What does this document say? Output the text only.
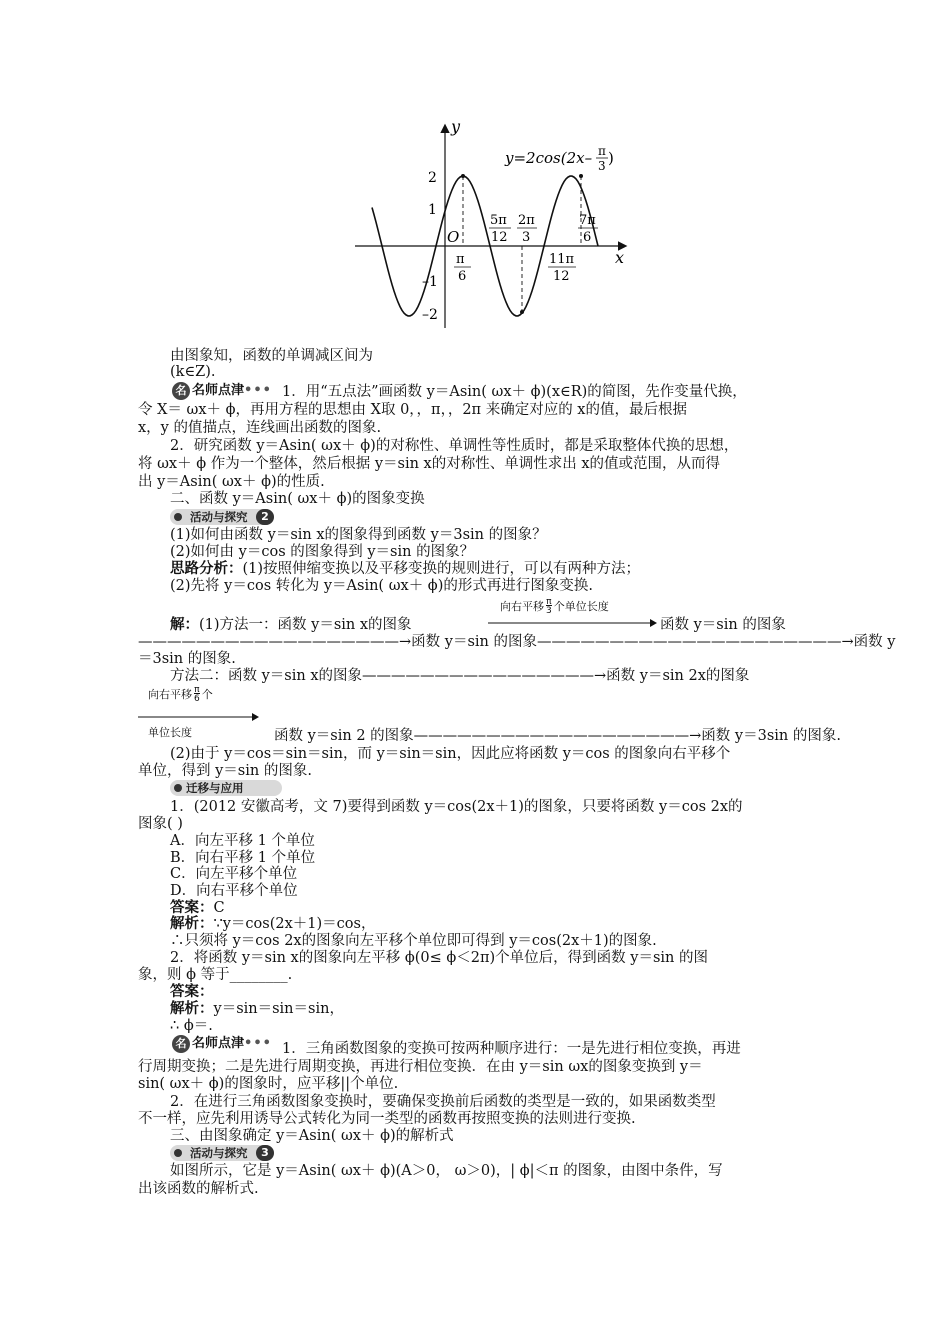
y
x
O
y=2cos(2x– π
3 )
2
1
–1
–2
π
6
5π
12
2π
3
11π
12
7π
6
由图象知，函数的单调减区间为
(k∈Z).
名 名师点津••• 1．用“五点法”画函数 y＝Asin( ωx＋ ϕ)(x∈R)的简图，先作变量代换，
令 X＝ ωx＋ ϕ，再用方程的思想由 X取 0，，π，，2π 来确定对应的 x的值，最后根据
x，y 的值描点，连线画出函数的图象.
2．研究函数 y＝Asin( ωx＋ ϕ)的对称性、单调性等性质时，都是采取整体代换的思想，
将 ωx＋ ϕ 作为一个整体，然后根据 y＝sin x的对称性、单调性求出 x的值或范围，从而得
出 y＝Asin( ωx＋ ϕ)的性质.
二、函数 y＝Asin( ωx＋ ϕ)的图象变换
活动与探究	2
(1)如何由函数 y＝sin x的图象得到函数 y＝3sin 的图象？
(2)如何由 y＝cos 的图象得到 y＝sin 的图象？
思路分析：(1)按照伸缩变换以及平移变换的规则进行，可以有两种方法；
(2)先将 y＝cos 转化为 y＝Asin( ωx＋ ϕ)的形式再进行图象变换.
向右平移 $\frac{\pi}{3}$ 个单位长度
解：(1)方法一：函数 y＝sin x的图象	函数 y＝sin 的图象
——————————————————→函数 y＝sin 的图象—————————————————————→函数 y
＝3sin 的图象.
方法二：函数 y＝sin x的图象————————————————→函数 y＝sin 2x的图象
向右平移 $\frac{\pi}{6}$ 个
单位长度	函数 y＝sin 2 的图象———————————————————→函数 y＝3sin 的图象.
(2)由于 y＝cos＝sin＝sin，而 y＝sin＝sin，因此应将函数 y＝cos 的图象向右平移个
单位，得到 y＝sin 的图象.
迁移与应用
1．(2012 安徽高考，文 7)要得到函数 y＝cos(2x＋1)的图象，只要将函数 y＝cos 2x的
图象( )
A．向左平移 1 个单位
B．向右平移 1 个单位
C．向左平移个单位
D．向右平移个单位
答案：C
解析：∵y＝cos(2x＋1)＝cos，
∴只须将 y＝cos 2x的图象向左平移个单位即可得到 y＝cos(2x＋1)的图象.
2．将函数 y＝sin x的图象向左平移 ϕ(0≤ ϕ＜2π)个单位后，得到函数 y＝sin 的图
象，则 ϕ 等于________.
答案：
解析：y＝sin＝sin＝sin，
∴ ϕ＝.
名 名师点津••• 1．三角函数图象的变换可按两种顺序进行：一是先进行相位变换，再进
行周期变换；二是先进行周期变换，再进行相位变换．在由 y＝sin ωx的图象变换到 y＝
sin( ωx＋ ϕ)的图象时，应平移||个单位.
2．在进行三角函数图象变换时，要确保变换前后函数的类型是一致的，如果函数类型
不一样，应先利用诱导公式转化为同一类型的函数再按照变换的法则进行变换.
三、由图象确定 y＝Asin( ωx＋ ϕ)的解析式
活动与探究	3
如图所示，它是 y＝Asin( ωx＋ ϕ)(A＞0， ω＞0)，| ϕ|＜π 的图象，由图中条件，写
出该函数的解析式.
